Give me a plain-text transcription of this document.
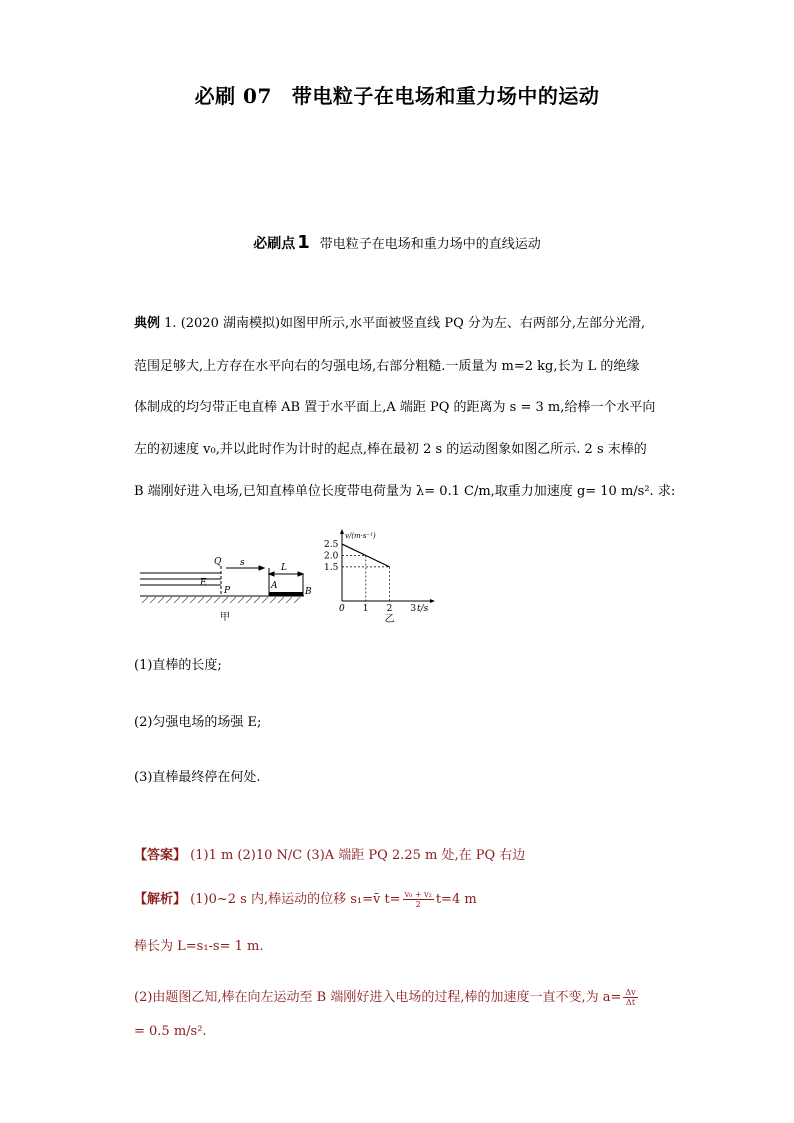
必刷 07 带电粒子在电场和重力场中的运动
必刷点 1 带电粒子在电场和重力场中的直线运动
典例 1. (2020 湖南模拟)如图甲所示,水平面被竖直线 PQ 分为左、右两部分,左部分光滑,
范围足够大,上方存在水平向右的匀强电场,右部分粗糙.一质量为 m=2 kg,长为 L 的绝缘
体制成的均匀带正电直棒 AB 置于水平面上,A 端距 PQ 的距离为 s = 3 m,给棒一个水平向
左的初速度 v₀,并以此时作为计时的起点,棒在最初 2 s 的运动图象如图乙所示. 2 s 末棒的
B 端刚好进入电场,已知直棒单位长度带电荷量为 λ= 0.1 C/m,取重力加速度 g= 10 m/s². 求:
Q
P
E
s	L
A
B
甲
0 1 2 3
1.5
2.0
2.5
v/(m·s⁻¹)
t/s
乙
(1)直棒的长度;
(2)匀强电场的场强 E;
(3)直棒最终停在何处.
【答案】 (1)1 m (2)10 N/C (3)A 端距 PQ 2.25 m 处,在 PQ 右边
【解析】 (1)0~2 s 内,棒运动的位移 s₁=v̄ $t= \frac{\text{v₀ + v₂}}{2} t=4$ m
棒长为 L=s₁-s= 1 m.
(2)由题图乙知,棒在向左运动至 B 端刚好进入电场的过程,棒的加速度一直不变,为 $a= \frac{\Delta v}{\Delta t}$
= 0.5 m/s².
